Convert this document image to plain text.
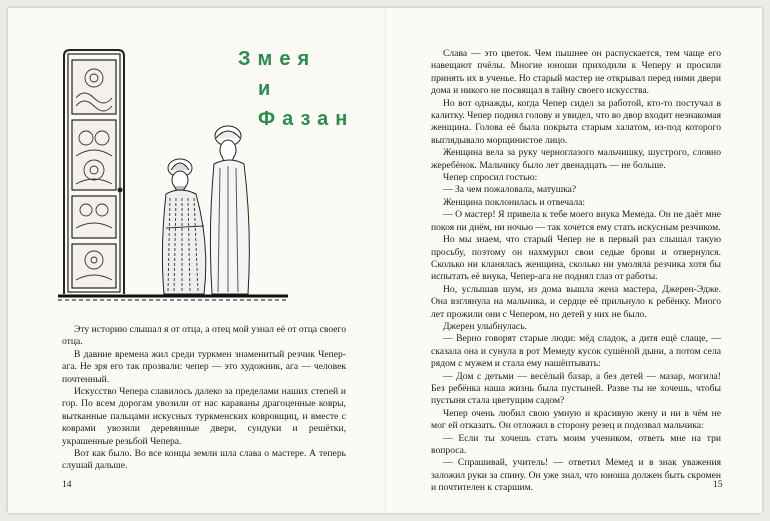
Змея
и Фазан

Эту историю слышал я от отца, а отец мой узнал её от отца своего отца.

В давние времена жил среди туркмен знаменитый резчик Чепер-ага. Не зря его так прозвали: чепер — это художник, ага — человек почтенный.

Искусство Чепера славилось далеко за пределами наших степей и гор. По всем дорогам увозили от нас караваны драгоценные ковры, вытканные пальцами искусных туркменских ковровщиц, и вместе с коврами увозили деревянные двери, сундуки и решётки, украшенные резьбой Чепера.

Вот как было. Во все концы земли шла слава о мастере. А теперь слушай дальше.

14

Слава — это цветок. Чем пышнее он распускается, тем чаще его навещают пчёлы. Многие юноши приходили к Чеперу и просили принять их в ученье. Но старый мастер не открывал перед ними двери дома и никого не посвящал в тайну своего искусства.

Но вот однажды, когда Чепер сидел за работой, кто-то постучал в калитку. Чепер поднял голову и увидел, что во двор входит незнакомая женщина. Голова её была покрыта старым халатом, из-под которого выглядывало морщинистое лицо.

Женщина вела за руку черноглазого мальчишку, шустрого, словно жеребёнок. Мальчику было лет двенадцать — не больше.

Чепер спросил гостью:

— За чем пожаловала, матушка?

Женщина поклонилась и отвечала:

— О мастер! Я привела к тебе моего внука Мемеда. Он не даёт мне покоя ни днём, ни ночью — так хочется ему стать искусным резчиком.

Но мы знаем, что старый Чепер не в первый раз слышал такую просьбу, поэтому он нахмурил свои седые брови и отвернулся. Сколько ни кланялась женщина, сколько ни умоляла резчика хотя бы испытать её внука, Чепер-ага не поднял глаз от работы.

Но, услышав шум, из дома вышла жена мастера, Джерен-Эдже. Она взглянула на мальчика, и сердце её прильнуло к ребёнку. Много лет прожили они с Чепером, но детей у них не было.

Джерен улыбнулась.

— Верно говорят старые люди: мёд сладок, а дитя ещё слаще, — сказала она и сунула в рот Мемеду кусок сушёной дыни, а потом села рядом с мужем и стала ему нашёптывать:

— Дом с детьми — весёлый базар, а без детей — мазар, могила! Без ребёнка наша жизнь была пустыней. Разве ты не хочешь, чтобы пустыня стала цветущим садом?

Чепер очень любил свою умную и красивую жену и ни в чём не мог ей отказать. Он отложил в сторону резец и подозвал мальчика:

— Если ты хочешь стать моим учеником, ответь мне на три вопроса.

— Спрашивай, учитель! — ответил Мемед и в знак уважения заложил руки за спину. Он уже знал, что юноша должен быть скромен и почтителен к старшим.	15
